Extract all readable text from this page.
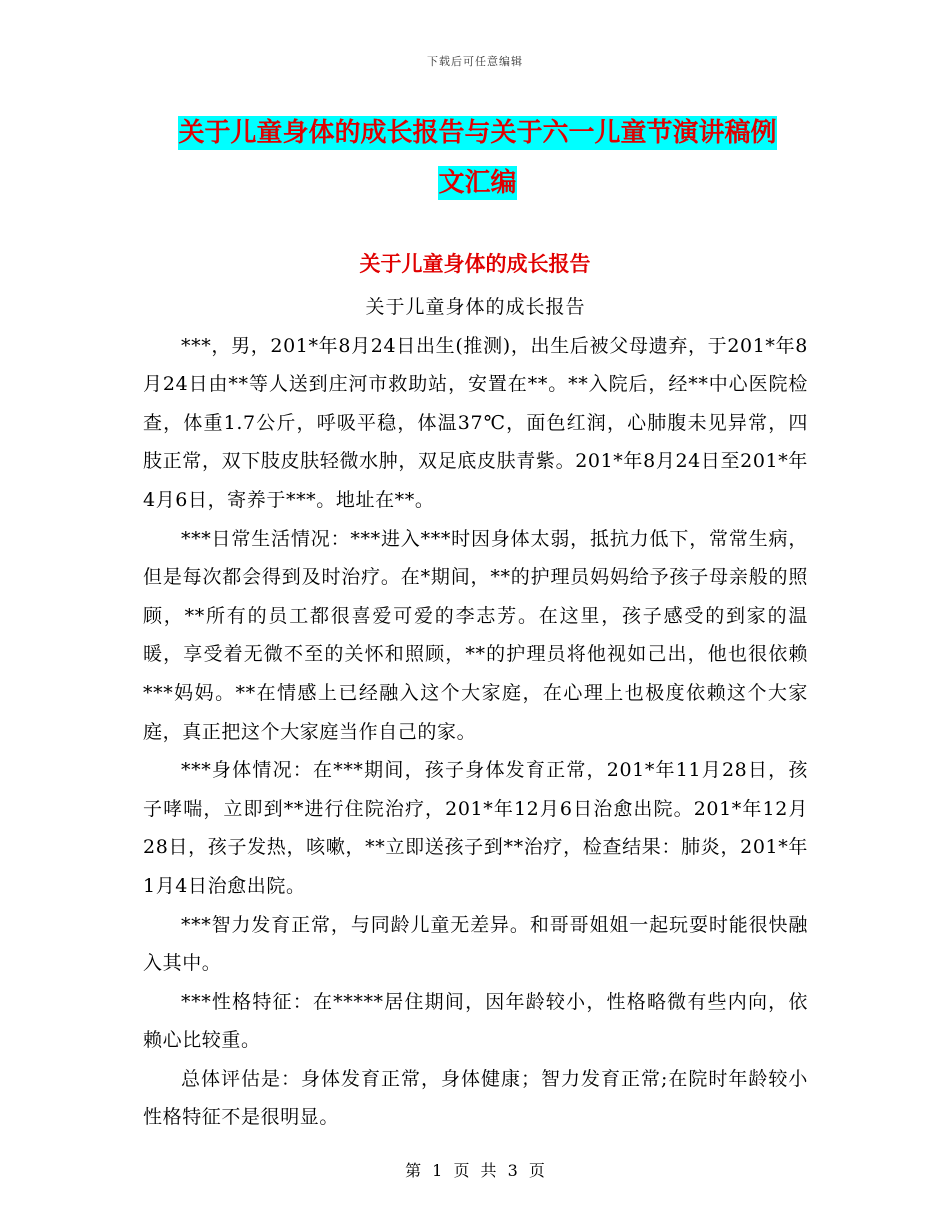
下载后可任意编辑
关于儿童身体的成长报告与关于六一儿童节演讲稿例
文汇编
关于儿童身体的成长报告
关于儿童身体的成长报告

***，男，201*年8月24日出生(推测)，出生后被父母遗弃，于201*年8月24日由**等人送到庄河市救助站，安置在**。**入院后，经**中心医院检查，体重1.7公斤，呼吸平稳，体温37℃，面色红润，心肺腹未见异常，四肢正常，双下肢皮肤轻微水肿，双足底皮肤青紫。201*年8月24日至201*年4月6日，寄养于***。地址在**。

***日常生活情况：***进入***时因身体太弱，抵抗力低下，常常生病，但是每次都会得到及时治疗。在*期间，**的护理员妈妈给予孩子母亲般的照顾，**所有的员工都很喜爱可爱的李志芳。在这里，孩子感受的到家的温暖，享受着无微不至的关怀和照顾，**的护理员将他视如己出，他也很依赖***妈妈。**在情感上已经融入这个大家庭，在心理上也极度依赖这个大家庭，真正把这个大家庭当作自己的家。

***身体情况：在***期间，孩子身体发育正常，201*年11月28日，孩子哮喘，立即到**进行住院治疗，201*年12月6日治愈出院。201*年12月28日，孩子发热，咳嗽，**立即送孩子到**治疗，检查结果：肺炎，201*年1月4日治愈出院。

***智力发育正常，与同龄儿童无差异。和哥哥姐姐一起玩耍时能很快融入其中。

***性格特征：在*****居住期间，因年龄较小，性格略微有些内向，依赖心比较重。

总体评估是：身体发育正常，身体健康；智力发育正常;在院时年龄较小性格特征不是很明显。

第 1 页 共 3 页
